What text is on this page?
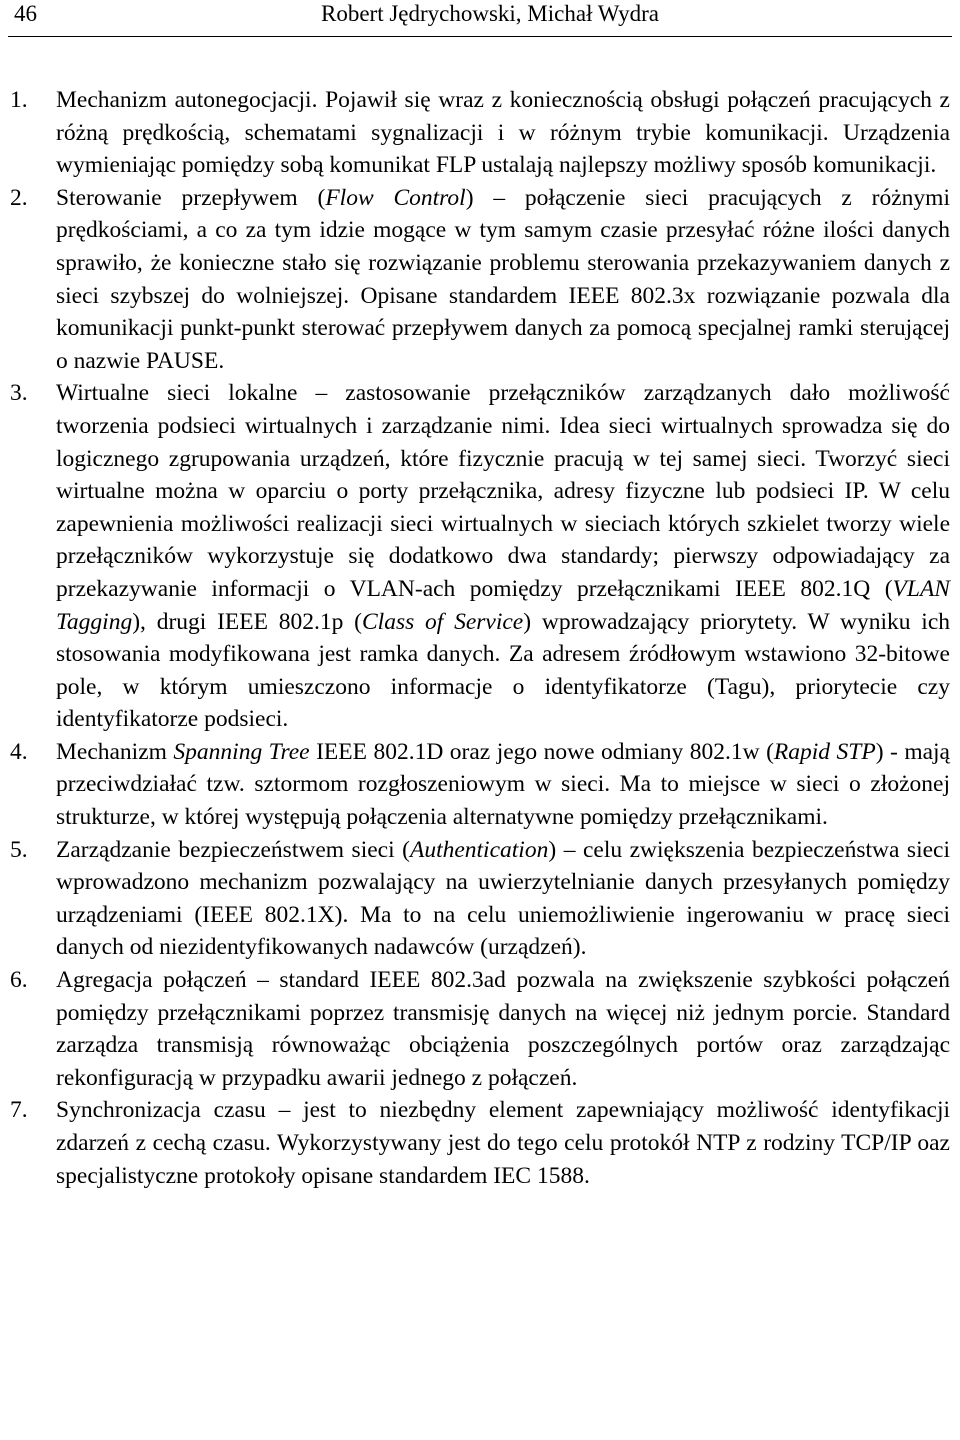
46	Robert Jędrychowski, Michał Wydra
1. Mechanizm autonegocjacji. Pojawił się wraz z koniecznością obsługi połączeń pracujących z różną prędkością, schematami sygnalizacji i w różnym trybie komunikacji. Urządzenia wymieniając pomiędzy sobą komunikat FLP ustalają najlepszy możliwy sposób komunikacji.
2. Sterowanie przepływem (Flow Control) – połączenie sieci pracujących z różnymi prędkościami, a co za tym idzie mogące w tym samym czasie przesyłać różne ilości danych sprawiło, że konieczne stało się rozwiązanie problemu sterowania przekazywaniem danych z sieci szybszej do wolniejszej. Opisane standardem IEEE 802.3x rozwiązanie pozwala dla komunikacji punkt-punkt sterować przepływem danych za pomocą specjalnej ramki sterującej o nazwie PAUSE.
3. Wirtualne sieci lokalne – zastosowanie przełączników zarządzanych dało możliwość tworzenia podsieci wirtualnych i zarządzanie nimi. Idea sieci wirtualnych sprowadza się do logicznego zgrupowania urządzeń, które fizycznie pracują w tej samej sieci. Tworzyć sieci wirtualne można w oparciu o porty przełącznika, adresy fizyczne lub podsieci IP. W celu zapewnienia możliwości realizacji sieci wirtualnych w sieciach których szkielet tworzy wiele przełączników wykorzystuje się dodatkowo dwa standardy; pierwszy odpowiadający za przekazywanie informacji o VLAN-ach pomiędzy przełącznikami IEEE 802.1Q (VLAN Tagging), drugi IEEE 802.1p (Class of Service) wprowadzający priorytety. W wyniku ich stosowania modyfikowana jest ramka danych. Za adresem źródłowym wstawiono 32-bitowe pole, w którym umieszczono informacje o identyfikatorze (Tagu), priorytecie czy identyfikatorze podsieci.
4. Mechanizm Spanning Tree IEEE 802.1D oraz jego nowe odmiany 802.1w (Rapid STP) - mają przeciwdziałać tzw. sztormom rozgłoszeniowym w sieci. Ma to miejsce w sieci o złożonej strukturze, w której występują połączenia alternatywne pomiędzy przełącznikami.
5. Zarządzanie bezpieczeństwem sieci (Authentication) – celu zwiększenia bezpieczeństwa sieci wprowadzono mechanizm pozwalający na uwierzytelnianie danych przesyłanych pomiędzy urządzeniami (IEEE 802.1X). Ma to na celu uniemożliwienie ingerowaniu w pracę sieci danych od niezidentyfikowanych nadawców (urządzeń).
6. Agregacja połączeń – standard IEEE 802.3ad pozwala na zwiększenie szybkości połączeń pomiędzy przełącznikami poprzez transmisję danych na więcej niż jednym porcie. Standard zarządza transmisją równoważąc obciążenia poszczególnych portów oraz zarządzając rekonfiguracją w przypadku awarii jednego z połączeń.
7. Synchronizacja czasu – jest to niezbędny element zapewniający możliwość identyfikacji zdarzeń z cechą czasu. Wykorzystywany jest do tego celu protokół NTP z rodziny TCP/IP oaz specjalistyczne protokoły opisane standardem IEC 1588.
